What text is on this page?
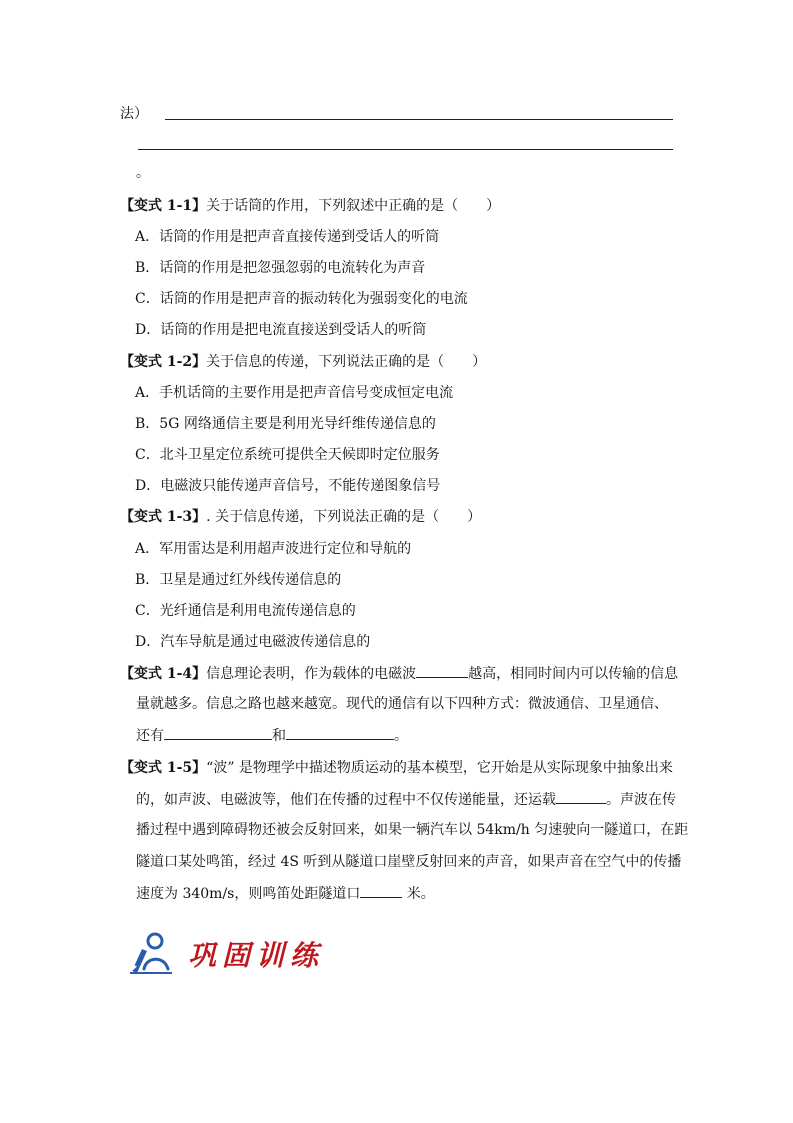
法）
。
【变式 1-1】关于话筒的作用，下列叙述中正确的是（　　）
A．话筒的作用是把声音直接传递到受话人的听筒
B．话筒的作用是把忽强忽弱的电流转化为声音
C．话筒的作用是把声音的振动转化为强弱变化的电流
D．话筒的作用是把电流直接送到受话人的听筒
【变式 1-2】关于信息的传递，下列说法正确的是（　　）
A．手机话筒的主要作用是把声音信号变成恒定电流
B．5G 网络通信主要是利用光导纤维传递信息的
C．北斗卫星定位系统可提供全天候即时定位服务
D．电磁波只能传递声音信号，不能传递图象信号
【变式 1-3】. 关于信息传递，下列说法正确的是（　　）
A．军用雷达是利用超声波进行定位和导航的
B．卫星是通过红外线传递信息的
C．光纤通信是利用电流传递信息的
D．汽车导航是通过电磁波传递信息的
【变式 1-4】信息理论表明，作为载体的电磁波	越高，相同时间内可以传输的信息
量就越多。信息之路也越来越宽。现代的通信有以下四种方式：微波通信、卫星通信、
还有	和	。
【变式 1-5】“波” 是物理学中描述物质运动的基本模型，它开始是从实际现象中抽象出来
的，如声波、电磁波等，他们在传播的过程中不仅传递能量，还运载	。声波在传
播过程中遇到障碍物还被会反射回来，如果一辆汽车以 54km/h 匀速驶向一隧道口，在距
隧道口某处鸣笛，经过 4S 听到从隧道口崖壁反射回来的声音，如果声音在空气中的传播
速度为 340m/s，则鸣笛处距隧道口	米。
巩固训练
